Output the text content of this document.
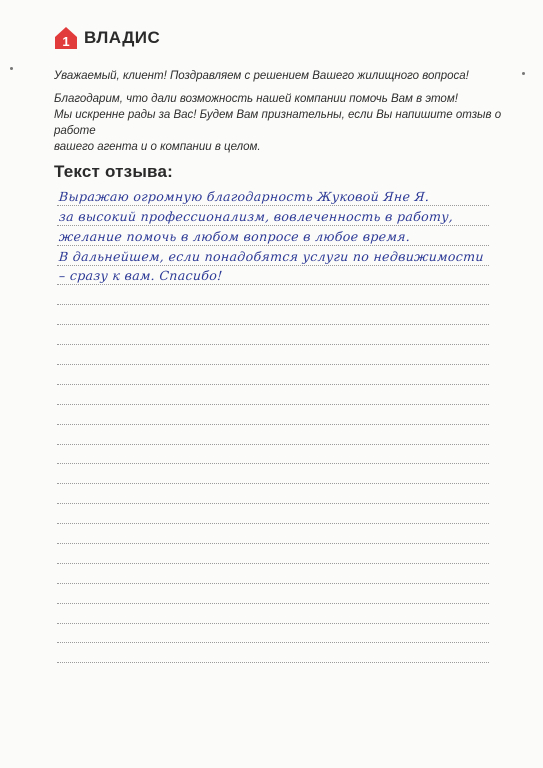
1 ВЛАДИС
Уважаемый, клиент! Поздравляем с решением Вашего жилищного вопроса!
Благодарим, что дали возможность нашей компании помочь Вам в этом!
Мы искренне рады за Вас! Будем Вам признательны, если Вы напишите отзыв о работе
вашего агента и о компании в целом.
Текст отзыва:
Выражаю огромную благодарность Жуковой Яне Я.
за высокий профессионализм, вовлеченность в работу,
желание помочь в любом вопросе в любое время.
В дальнейшем, если понадобятся услуги по недвижимости
– сразу к вам. Спасибо!
